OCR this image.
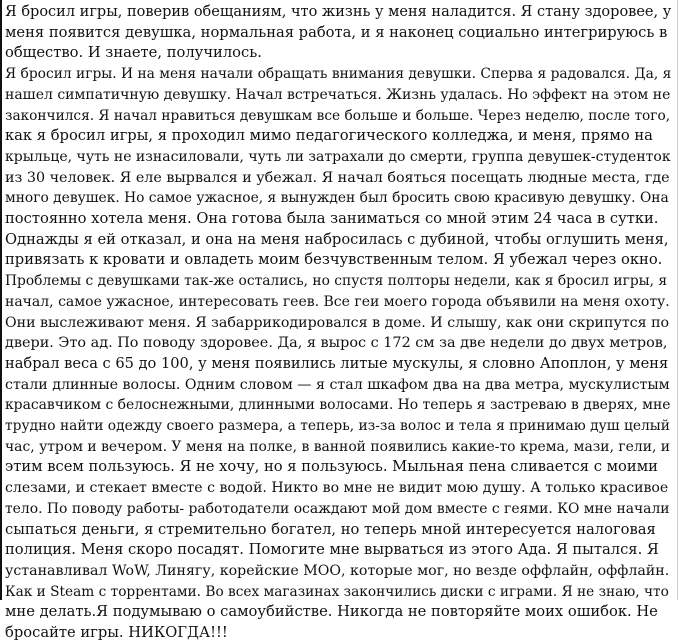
Я бросил игры, поверив обещаниям, что жизнь у меня наладится. Я стану здоровее, у
меня появится девушка, нормальная работа, и я наконец социально интегрируюсь в
общество. И знаете, получилось.
Я бросил игры. И на меня начали обращать внимания девушки. Сперва я радовался. Да, я
нашел симпатичную девушку. Начал встречаться. Жизнь удалась. Но эффект на этом не
закончился. Я начал нравиться девушкам все больше и больше. Через неделю, после того,
как я бросил игры, я проходил мимо педагогического колледжа, и меня, прямо на
крыльце, чуть не изнасиловали, чуть ли затрахали до смерти, группа девушек-студенток
из 30 человек. Я еле вырвался и убежал. Я начал бояться посещать людные места, где
много девушек. Но самое ужасное, я вынужден был бросить свою красивую девушку. Она
постоянно хотела меня. Она готова была заниматься со мной этим 24 часа в сутки.
Однажды я ей отказал, и она на меня набросилась с дубиной, чтобы оглушить меня,
привязать к кровати и овладеть моим безчувственным телом. Я убежал через окно.
Проблемы с девушками так-же остались, но спустя полторы недели, как я бросил игры, я
начал, самое ужасное, интересовать геев. Все геи моего города объявили на меня охоту.
Они выслеживают меня. Я забаррикодировался в доме. И слышу, как они скрипутся по
двери. Это ад. По поводу здоровее. Да, я вырос с 172 см за две недели до двух метров,
набрал веса с 65 до 100, у меня появились литые мускулы, я словно Апоплон, у меня
стали длинные волосы. Одним словом — я стал шкафом два на два метра, мускулистым
красавчиком с белоснежными, длинными волосами. Но теперь я застреваю в дверях, мне
трудно найти одежду своего размера, а теперь, из-за волос и тела я принимаю душ целый
час, утром и вечером. У меня на полке, в ванной появились какие-то крема, мази, гели, и
этим всем пользуюсь. Я не хочу, но я пользуюсь. Мыльная пена сливается с моими
слезами, и стекает вместе с водой. Никто во мне не видит мою душу. А только красивое
тело. По поводу работы- работодатели осаждают мой дом вместе с геями. КО мне начали
сыпаться деньги, я стремительно богател, но теперь мной интересуется налоговая
полиция. Меня скоро посадят. Помогите мне вырваться из этого Ада. Я пытался. Я
устанавливал WoW, Линягу, корейские МОО, которые мог, но везде оффлайн, оффлайн.
Как и Steam с торрентами. Во всех магазинах закончились диски с играми. Я не знаю, что
мне делать.Я подумываю о самоубийстве. Никогда не повторяйте моих ошибок. Не
бросайте игры. НИКОГДА!!!
